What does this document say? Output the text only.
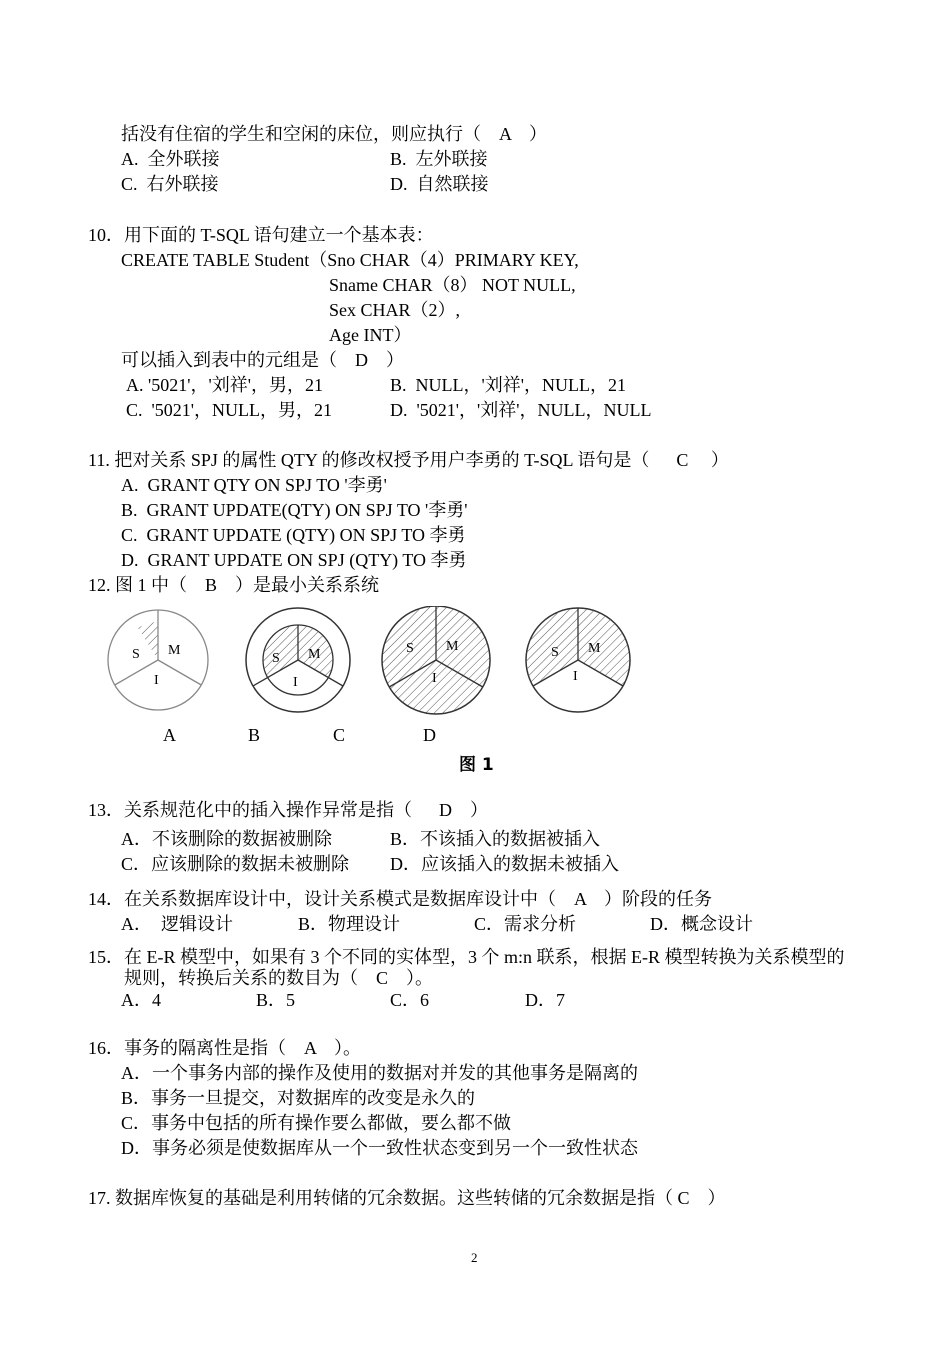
括没有住宿的学生和空闲的床位，则应执行（　A　）
A.  全外联接	B.  左外联接
C.  右外联接	D.  自然联接
10．用下面的 T-SQL 语句建立一个基本表：
CREATE TABLE Student（Sno CHAR（4）PRIMARY KEY,
Sname CHAR（8） NOT NULL,
Sex CHAR（2）,
Age INT）
可以插入到表中的元组是（　D　）
A. '5021'，'刘祥'，男，21	B.  NULL，'刘祥'，NULL，21
C.  '5021'，NULL，男，21	D.  '5021'，'刘祥'，NULL，NULL
11. 把对关系 SPJ 的属性 QTY 的修改权授予用户李勇的 T-SQL 语句是（　  C　 ）
A.  GRANT QTY ON SPJ TO '李勇'
B.  GRANT UPDATE(QTY) ON SPJ TO '李勇'
C.  GRANT UPDATE (QTY) ON SPJ TO 李勇
D.  GRANT UPDATE ON SPJ (QTY) TO 李勇
12. 图 1 中（　B　）是最小关系系统
S M
I
S M
I
S M
I
S M
I
A	B	C	D
图 1
13．关系规范化中的插入操作异常是指（　  D　）
A．不该删除的数据被删除	B．不该插入的数据被插入
C．应该删除的数据未被删除 D．应该插入的数据未被插入
14．在关系数据库设计中，设计关系模式是数据库设计中（　A　）阶段的任务
A．　逻辑设计	B．物理设计	C．需求分析	D．概念设计
15．在 E-R 模型中，如果有 3 个不同的实体型，3 个 m:n 联系，根据 E-R 模型转换为关系模型的
规则，转换后关系的数目为（　C　）。
A．4	B．5	C．6	D．7
16．事务的隔离性是指（　A　）。
A．一个事务内部的操作及使用的数据对并发的其他事务是隔离的
B．事务一旦提交，对数据库的改变是永久的
C．事务中包括的所有操作要么都做，要么都不做
D．事务必须是使数据库从一个一致性状态变到另一个一致性状态
17. 数据库恢复的基础是利用转储的冗余数据。这些转储的冗余数据是指（ C　）
2
